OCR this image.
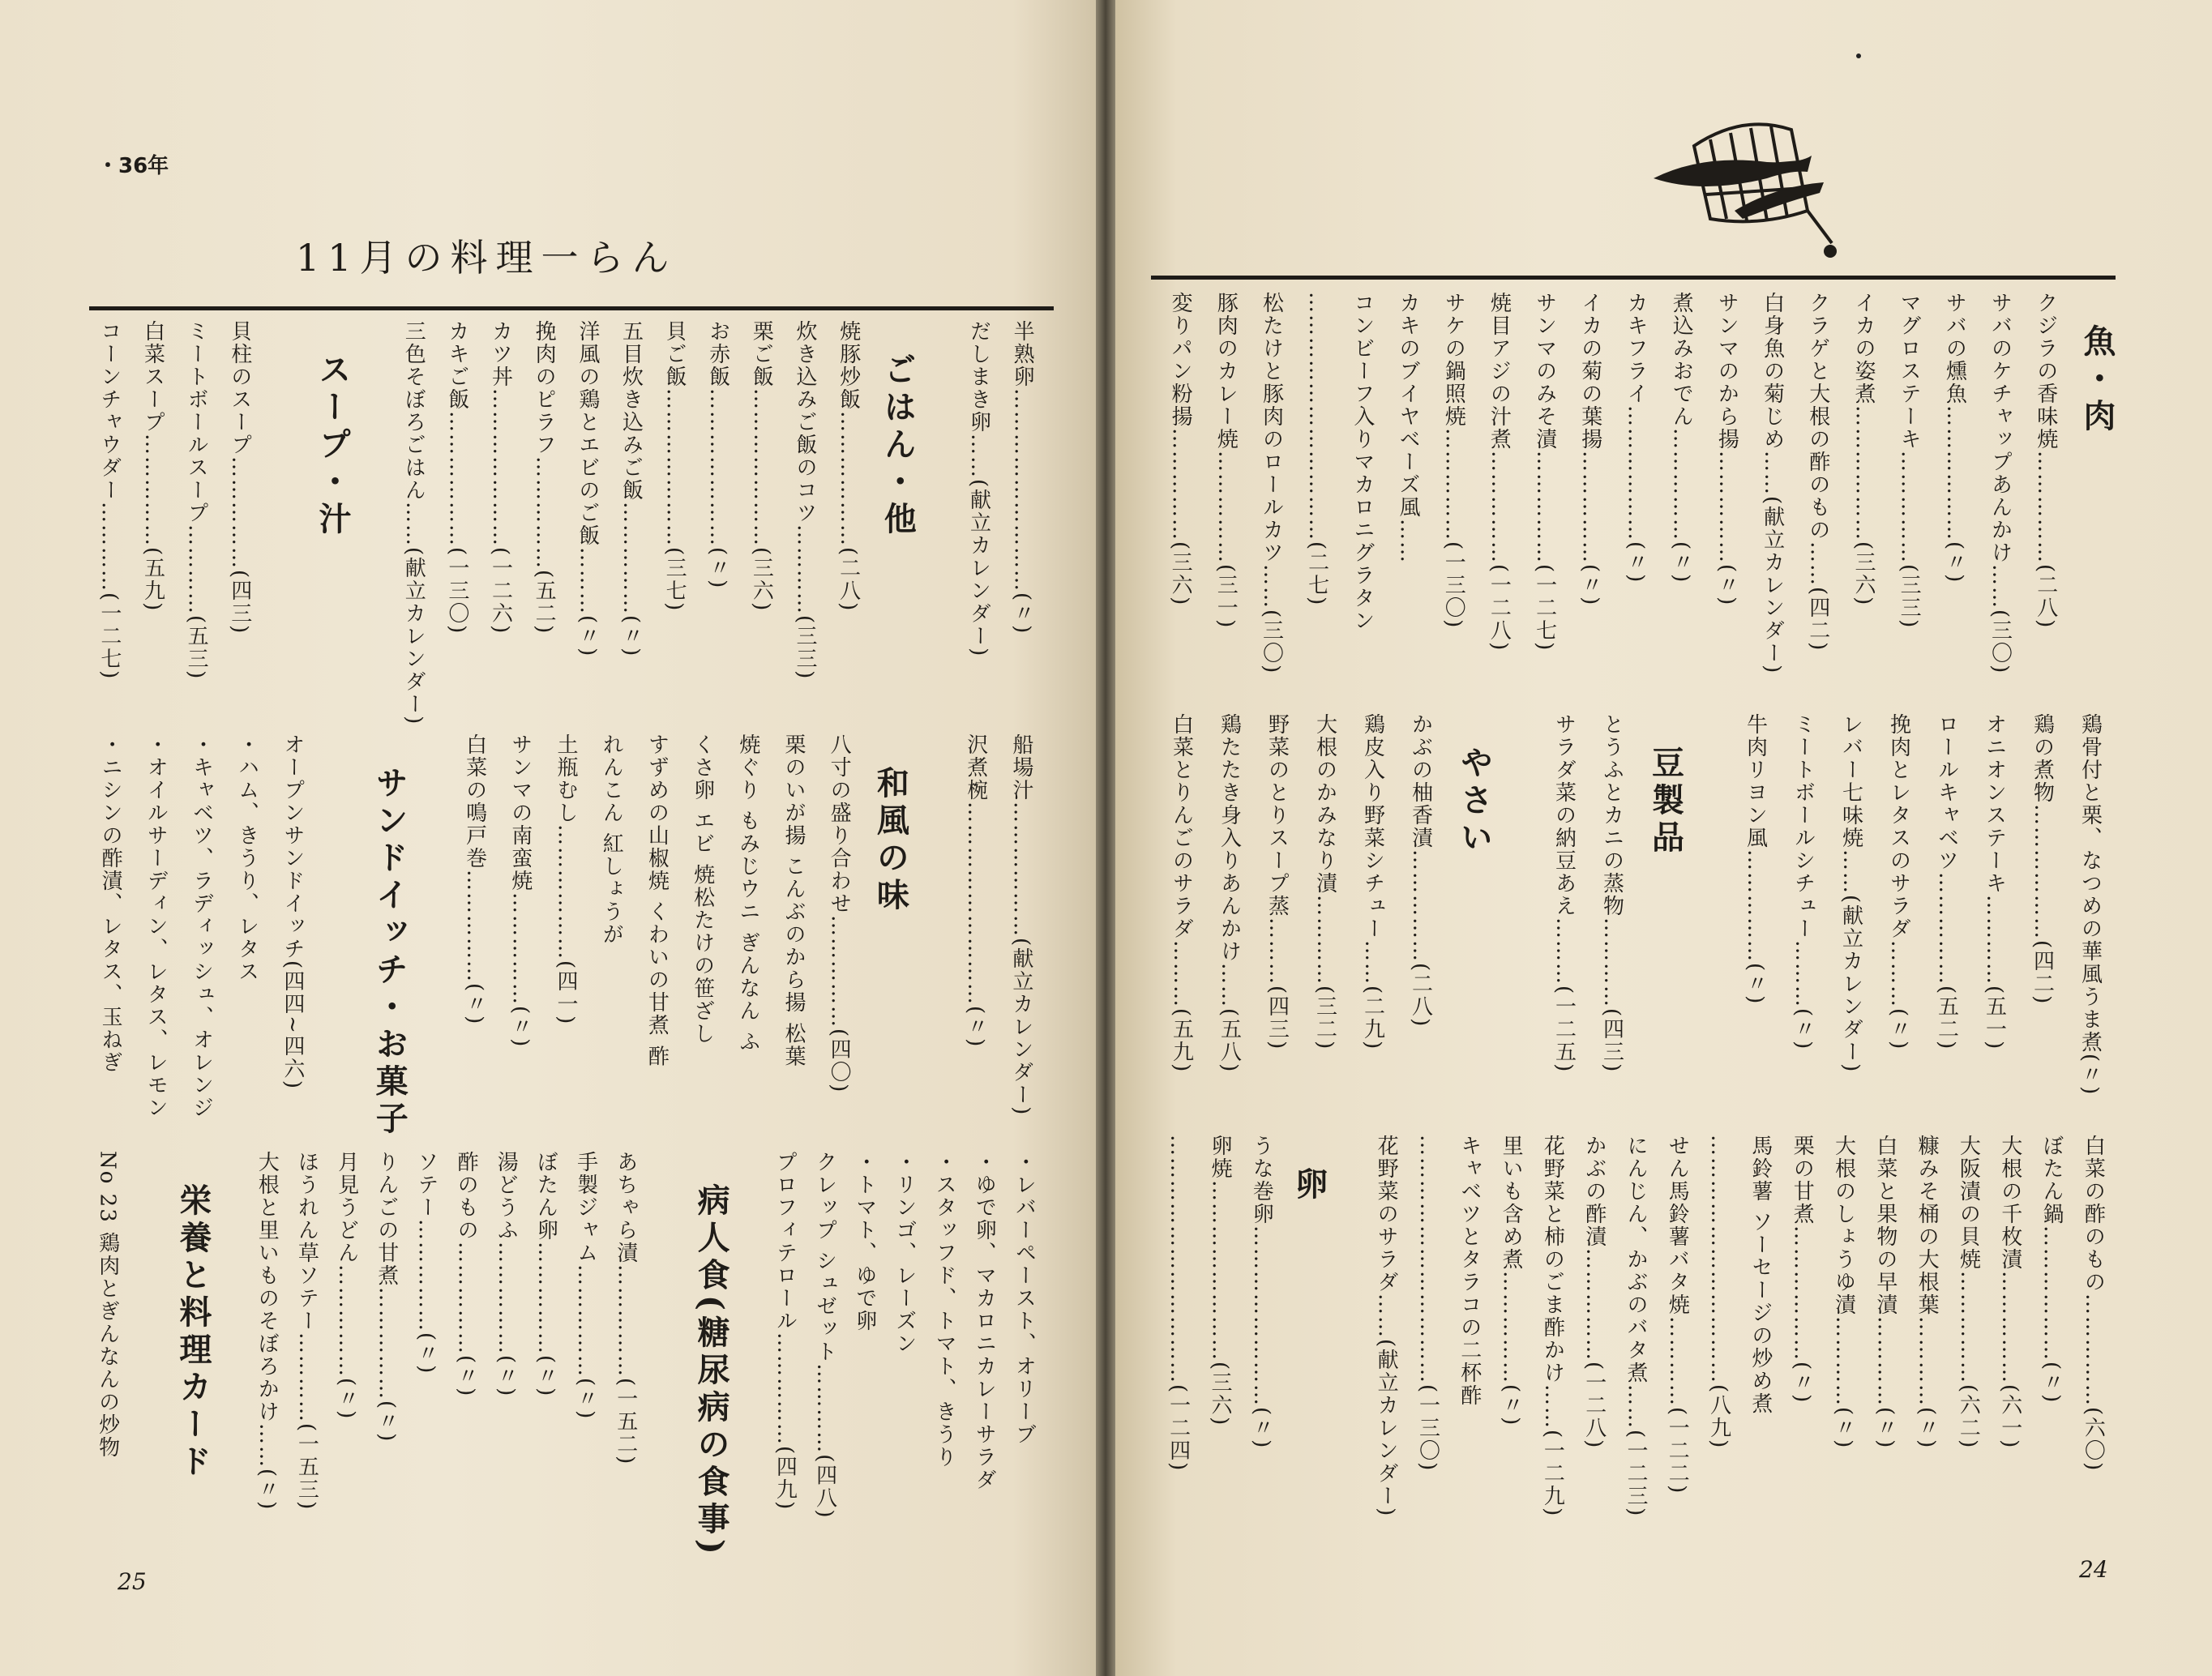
・36年
11月の料理一らん
魚・肉
クジラの香味焼……………(二八)
サバのケチャップあんかけ……(三〇)
サバの燻魚………………(〃)
マグロステーキ……………(三三)
イカの姿煮………………(三六)
クラゲと大根の酢のもの……(四二)
白身魚の菊じめ……(献立カレンダー)
サンマのから揚……………(〃)
煮込みおでん……………(〃)
カキフライ………………(〃)
イカの菊の葉揚……………(〃)
サンマのみそ漬……………(一二七)
焼目アジの汁煮……………(一二八)
サケの鍋照焼……………(一三〇)
カキのブイヤベーズ風……
コンビーフ入りマカロニグラタン
……………………………(二七)
松たけと豚肉のロールカツ……(三〇)
豚肉のカレー焼……………(三一)
変りパン粉揚……………(三六)
鶏骨付と栗、なつめの華風うま煮(〃)
鶏の煮物………………(四二)
オニオンステーキ…………(五一)
ロールキャベツ……………(五二)
挽肉とレタスのサラダ………(〃)
レバー七味焼……(献立カレンダー)
ミートボールシチュー………(〃)
牛肉リヨン風……………(〃)
豆製品
とうふとカニの蒸物…………(四三)
サラダ菜の納豆あえ………(一二五)
やさい
かぶの柚香漬……………(二八)
鶏皮入り野菜シチュー……(二九)
大根のかみなり漬…………(三二)
野菜のとりスープ蒸………(四三)
鶏たたき身入りあんかけ……(五八)
白菜とりんごのサラダ………(五九)
白菜の酢のもの……………(六〇)
ぼたん鍋………………(〃)
大根の千枚漬……………(六一)
大阪漬の貝焼……………(六二)
糠みそ桶の大根葉…………(〃)
白菜と果物の早漬…………(〃)
大根のしょうゆ漬…………(〃)
栗の甘煮………………(〃)
馬鈴薯 ソーセージの炒め煮
……………………………(八九)
せん馬鈴薯バタ焼…………(一二二)
にんじん、かぶのバタ煮……(一二三)
かぶの酢漬……………(一二八)
花野菜と柿のごま酢かけ……(一二九)
里いも含め煮……………(〃)
キャベツとタラコの二杯酢
……………………………(一三〇)
花野菜のサラダ……(献立カレンダー)
卵
うな巻卵……………………(〃)
卵焼……………………(三六)
……………………………(一二四)
半熟卵………………………(〃)
だしまき卵……(献立カレンダー)
ごはん・他
焼豚炒飯………………(二八)
炊き込みご飯のコツ…………(三三)
栗ご飯…………………(三六)
お赤飯…………………(〃)
貝ご飯…………………(三七)
五目炊き込みご飯……………(〃)
洋風の鶏とエビのご飯………(〃)
挽肉のピラフ……………(五二)
カツ丼…………………(一二六)
カキご飯………………(一三〇)
三色そぼろごはん……(献立カレンダー)
スープ・汁
貝柱のスープ……………(四三)
ミートボールスープ…………(五三)
白菜スープ……………(五九)
コーンチャウダー…………(一二七)
船場汁………………(献立カレンダー)
沢煮椀………………………(〃)
和風の味
八寸の盛り合わせ……………(四〇)
栗のいが揚 こんぶのから揚 松葉
焼ぐり もみじウニ ぎんなん ふ
くさ卵 エビ 焼松たけの笹ざし
すずめの山椒焼 くわいの甘煮 酢
れんこん 紅しょうが
土瓶むし………………(四一)
サンマの南蛮焼……………(〃)
白菜の鳴戸巻……………(〃)
サンドイッチ・お菓子
オープンサンドイッチ(四四~四六)
・ハム、きうり、レタス
・キャベツ、ラディッシュ、オレンジ
・オイルサーディン、レタス、レモン
・ニシンの酢漬、レタス、玉ねぎ
・レバーペースト、オリーブ
・ゆで卵、マカロニカレーサラダ
・スタッフド、トマト、きうり
・リンゴ、レーズン
・トマト、ゆで卵
クレップ シュゼット…………(四八)
プロフィテロール……………(四九)
病人食(糖尿病の食事)
あちゃら漬……………(一五二)
手製ジャム……………(〃)
ぼたん卵……………(〃)
湯どうふ……………(〃)
酢のもの……………(〃)
ソテー……………(〃)
りんごの甘煮……………(〃)
月見うどん……………(〃)
ほうれん草ソテー…………(一五三)
大根と里いものそぼろかけ……(〃)
栄養と料理カード
No 23 鶏肉とぎんなんの炒物
25	24
